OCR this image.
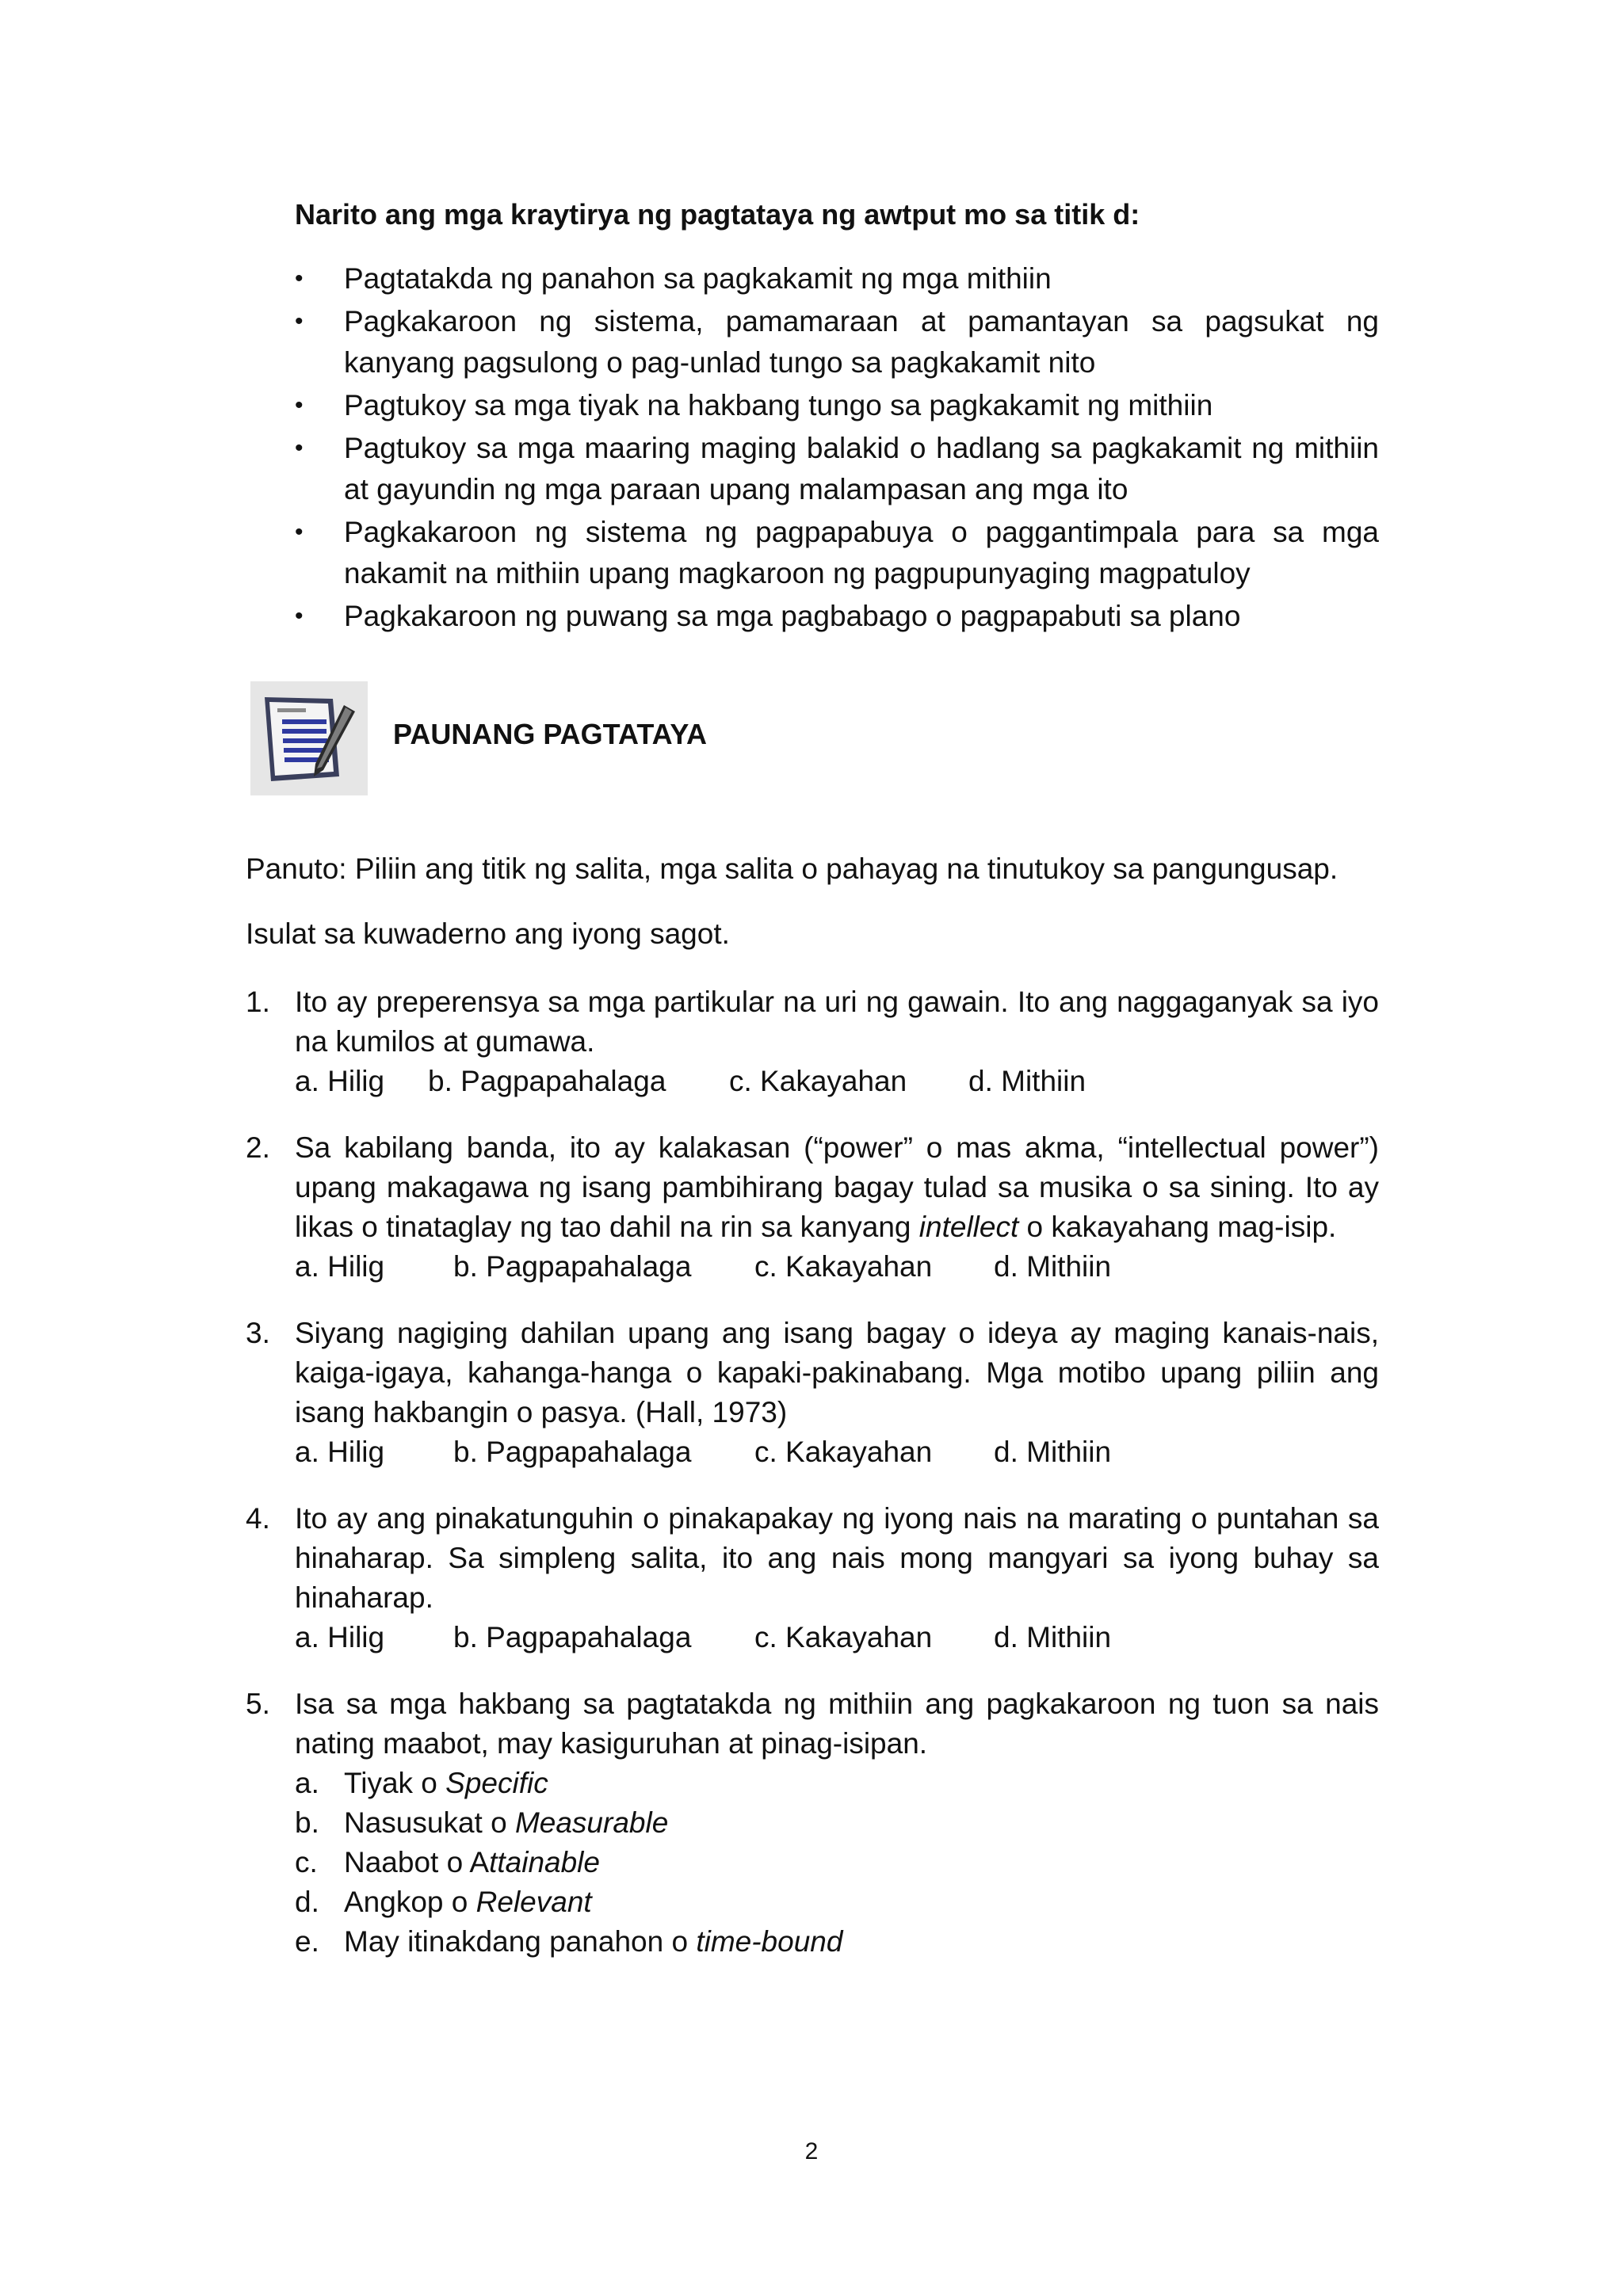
Narito ang mga kraytirya ng pagtataya ng awtput mo sa titik d:

• Pagtatakda ng panahon sa pagkakamit ng mga mithiin
• Pagkakaroon ng sistema, pamamaraan at pamantayan sa pagsukat ng kanyang pagsulong o pag-unlad tungo sa pagkakamit nito
• Pagtukoy sa mga tiyak na hakbang tungo sa pagkakamit ng mithiin
• Pagtukoy sa mga maaring maging balakid o hadlang sa pagkakamit ng mithiin at gayundin ng mga paraan upang malampasan ang mga ito
• Pagkakaroon ng sistema ng pagpapabuya o paggantimpala para sa mga nakamit na mithiin upang magkaroon ng pagpupunyaging magpatuloy
• Pagkakaroon ng puwang sa mga pagbabago o pagpapabuti sa plano

PAUNANG PAGTATAYA

Panuto: Piliin ang titik ng salita, mga salita o pahayag na tinutukoy sa pangungusap.

Isulat sa kuwaderno ang iyong sagot.

1. Ito ay preperensya sa mga partikular na uri ng gawain. Ito ang naggaganyak sa iyo na kumilos at gumawa.

a. Hilig	b. Pagpapahalaga	c. Kakayahan	d. Mithiin
2. Sa kabilang banda, ito ay kalakasan (“power” o mas akma, “intellectual power”) upang makagawa ng isang pambihirang bagay tulad sa musika o sa sining. Ito ay likas o tinataglay ng tao dahil na rin sa kanyang intellect o kakayahang mag-isip.

a. Hilig	b. Pagpapahalaga	c. Kakayahan	d. Mithiin
3. Siyang nagiging dahilan upang ang isang bagay o ideya ay maging kanais-nais, kaiga-igaya, kahanga-hanga o kapaki-pakinabang. Mga motibo upang piliin ang isang hakbangin o pasya. (Hall, 1973)

a. Hilig	b. Pagpapahalaga	c. Kakayahan	d. Mithiin
4. Ito ay ang pinakatunguhin o pinakapakay ng iyong nais na marating o puntahan sa hinaharap. Sa simpleng salita, ito ang nais mong mangyari sa iyong buhay sa hinaharap.

a. Hilig	b. Pagpapahalaga	c. Kakayahan	d. Mithiin
5. Isa sa mga hakbang sa pagtatakda ng mithiin ang pagkakaroon ng tuon sa nais nating maabot, may kasiguruhan at pinag-isipan.

a. Tiyak o Specific
b. Nasusukat o Measurable
c. Naabot o Attainable
d. Angkop o Relevant
e. May itinakdang panahon o time-bound
2
